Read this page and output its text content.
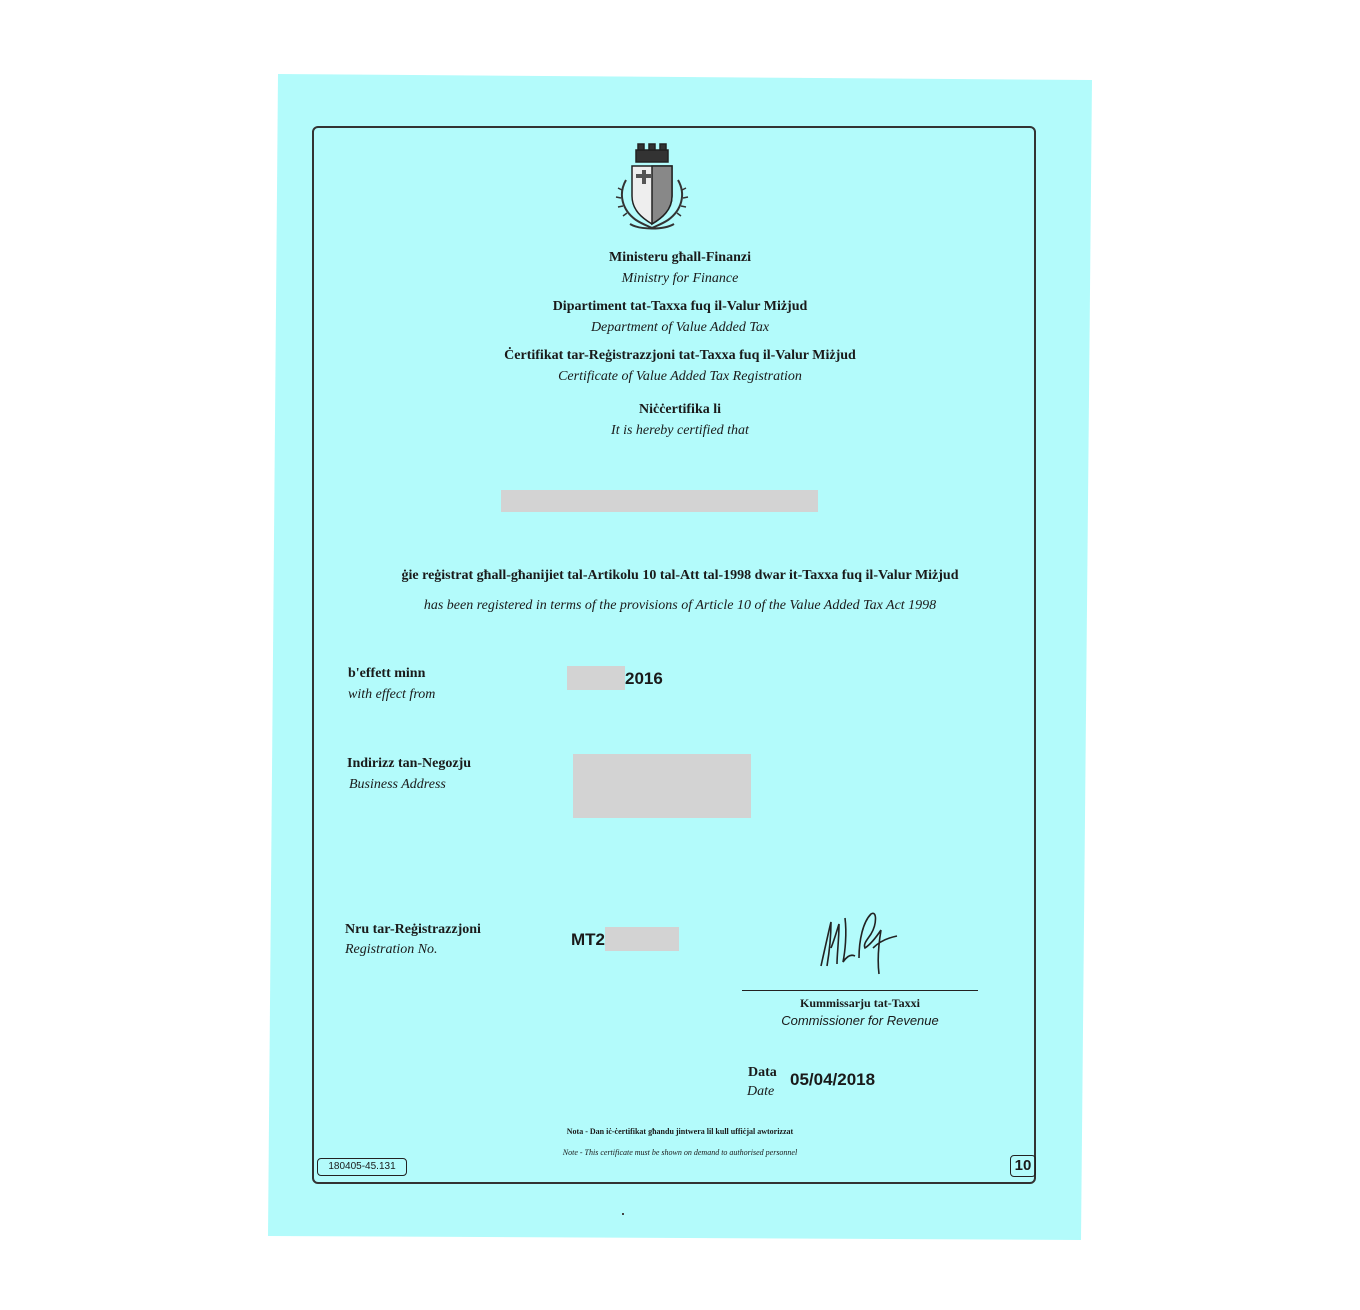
Ministeru għall-Finanzi
Ministry for Finance
Dipartiment tat-Taxxa fuq il-Valur Miżjud
Department of Value Added Tax
Ċertifikat tar-Reġistrazzjoni tat-Taxxa fuq il-Valur Miżjud
Certificate of Value Added Tax Registration
Niċċertifika li
It is hereby certified that
ġie reġistrat għall-għanijiet tal-Artikolu 10 tal-Att tal-1998 dwar it-Taxxa fuq il-Valur Miżjud
has been registered in terms of the provisions of Article 10 of the Value Added Tax Act 1998
b'effett minn
with effect from
2016
Indirizz tan-Negozju
Business Address
Nru tar-Reġistrazzjoni
Registration No.
MT2
Kummissarju tat-Taxxi
Commissioner for Revenue
Data
Date
05/04/2018
Nota - Dan iċ-ċertifikat għandu jintwera lil kull uffiċjal awtorizzat
Note - This certificate must be shown on demand to authorised personnel
180405-45.131	10
